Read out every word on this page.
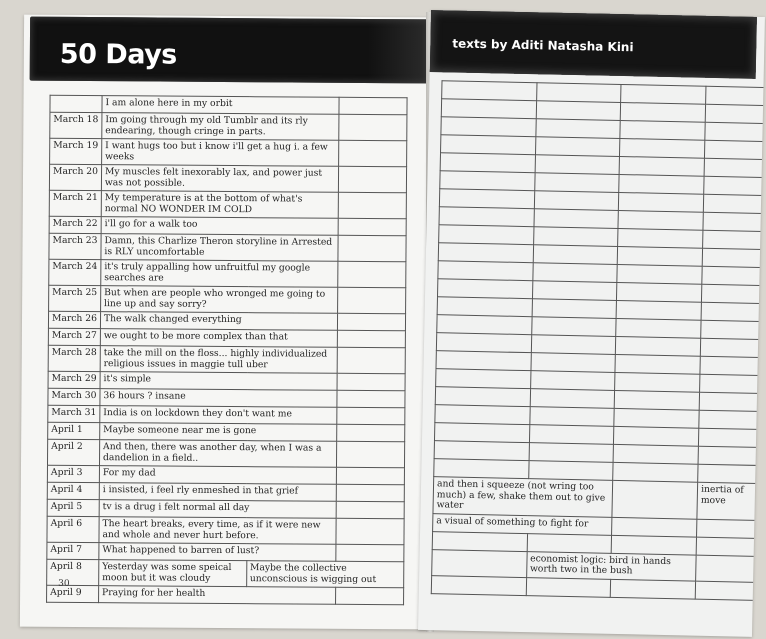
50 Days
	I am alone here in my orbit		
March 18	Im going through my old Tumblr and its rly endearing, though cringe in parts.		
March 19	I want hugs too but i know i'll get a hug i. a few weeks		
March 20	My muscles felt inexorably lax, and power just was not possible.		
March 21	My temperature is at the bottom of what's normal NO WONDER IM COLD		
March 22	i'll go for a walk too		
March 23	Damn, this Charlize Theron storyline in Arrested is RLY uncomfortable		
March 24	it's truly appalling how unfruitful my google searches are		
March 25	But when are people who wronged me going to line up and say sorry?		
March 26	The walk changed everything		
March 27	we ought to be more complex than that		
March 28	take the mill on the floss... highly individualized religious issues in maggie tull uber		
March 29	it's simple		
March 30	36 hours ? insane		
March 31	India is on lockdown they don't want me		
April 1	Maybe someone near me is gone		
April 2	And then, there was another day, when I was a dandelion in a field..		
April 3	For my dad		
April 4	i insisted, i feel rly enmeshed in that grief		
April 5	tv is a drug i felt normal all day		
April 6	The heart breaks, every time, as if it were new and whole and never hurt before.		
April 7	What happened to barren of lust?		
April 8	Yesterday was some speical moon but it was cloudy	Maybe the collective unconscious is wigging out	
April 9	Praying for her health		
30
texts by Aditi Natasha Kini

and then i squeeze (not wring too much) a few, shake them out to give water			inertia of move
a visual of something to fight for			

	economist logic: bird in hands worth two in the bush		
